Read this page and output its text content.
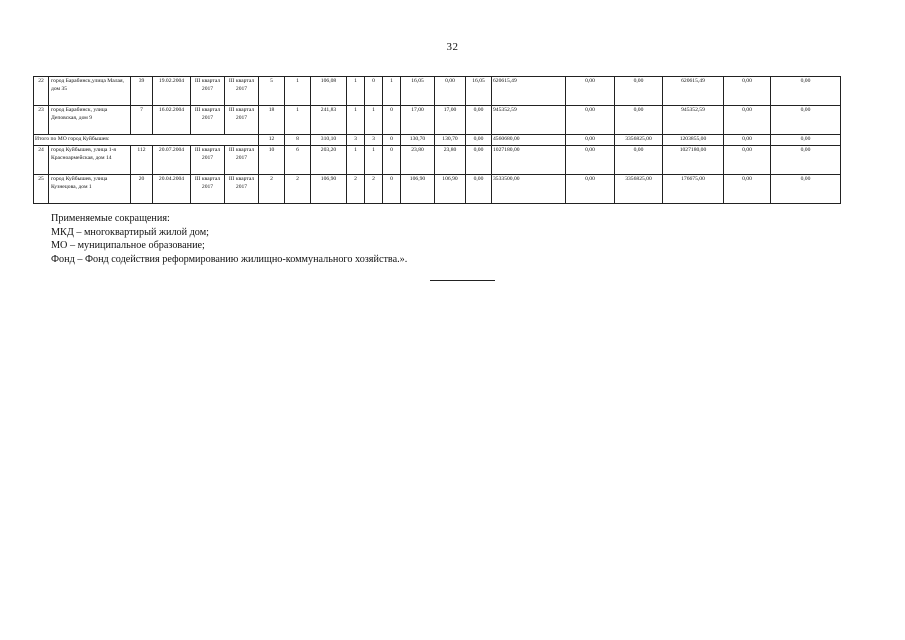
32
22	город Барабинск,улица Малая, дом 35	39	19.02.2004	III квартал 2017	III квартал 2017	5	1	106,08	1	0	1	16,05	0,00	16,05	620615,49	0,00	0,00	620615,49	0,00	0,00
23	город Барабинск, улица Деповская, дом 9	7	16.02.2004	III квартал 2017	III квартал 2017	18	1	241,83	1	1	0	17,00	17,00	0,00	945352,59	0,00	0,00	945352,59	0,00	0,00
Итого по МО город Куйбышев:						12	8	310,10	3	3	0	130,70	130,70	0,00	4560680,00	0,00	3356825,00	1203855,00	0,00	0,00
24	город Куйбышев, улица 1-я Красноармейская, дом 14	112	20.07.2004	III квартал 2017	III квартал 2017	10	6	203,20	1	1	0	23,80	23,80	0,00	1027180,00	0,00	0,00	1027180,00	0,00	0,00
25	город Куйбышев, улица Кузнецова, дом 1	20	20.04.2004	III квартал 2017	III квартал 2017	2	2	106,90	2	2	0	106,90	106,90	0,00	3533500,00	0,00	3356825,00	176675,00	0,00	0,00
Применяемые сокращения:
МКД – многоквартирый жилой дом;
МО – муниципальное образование;
Фонд – Фонд содействия реформированию жилищно-коммунального хозяйства.».
